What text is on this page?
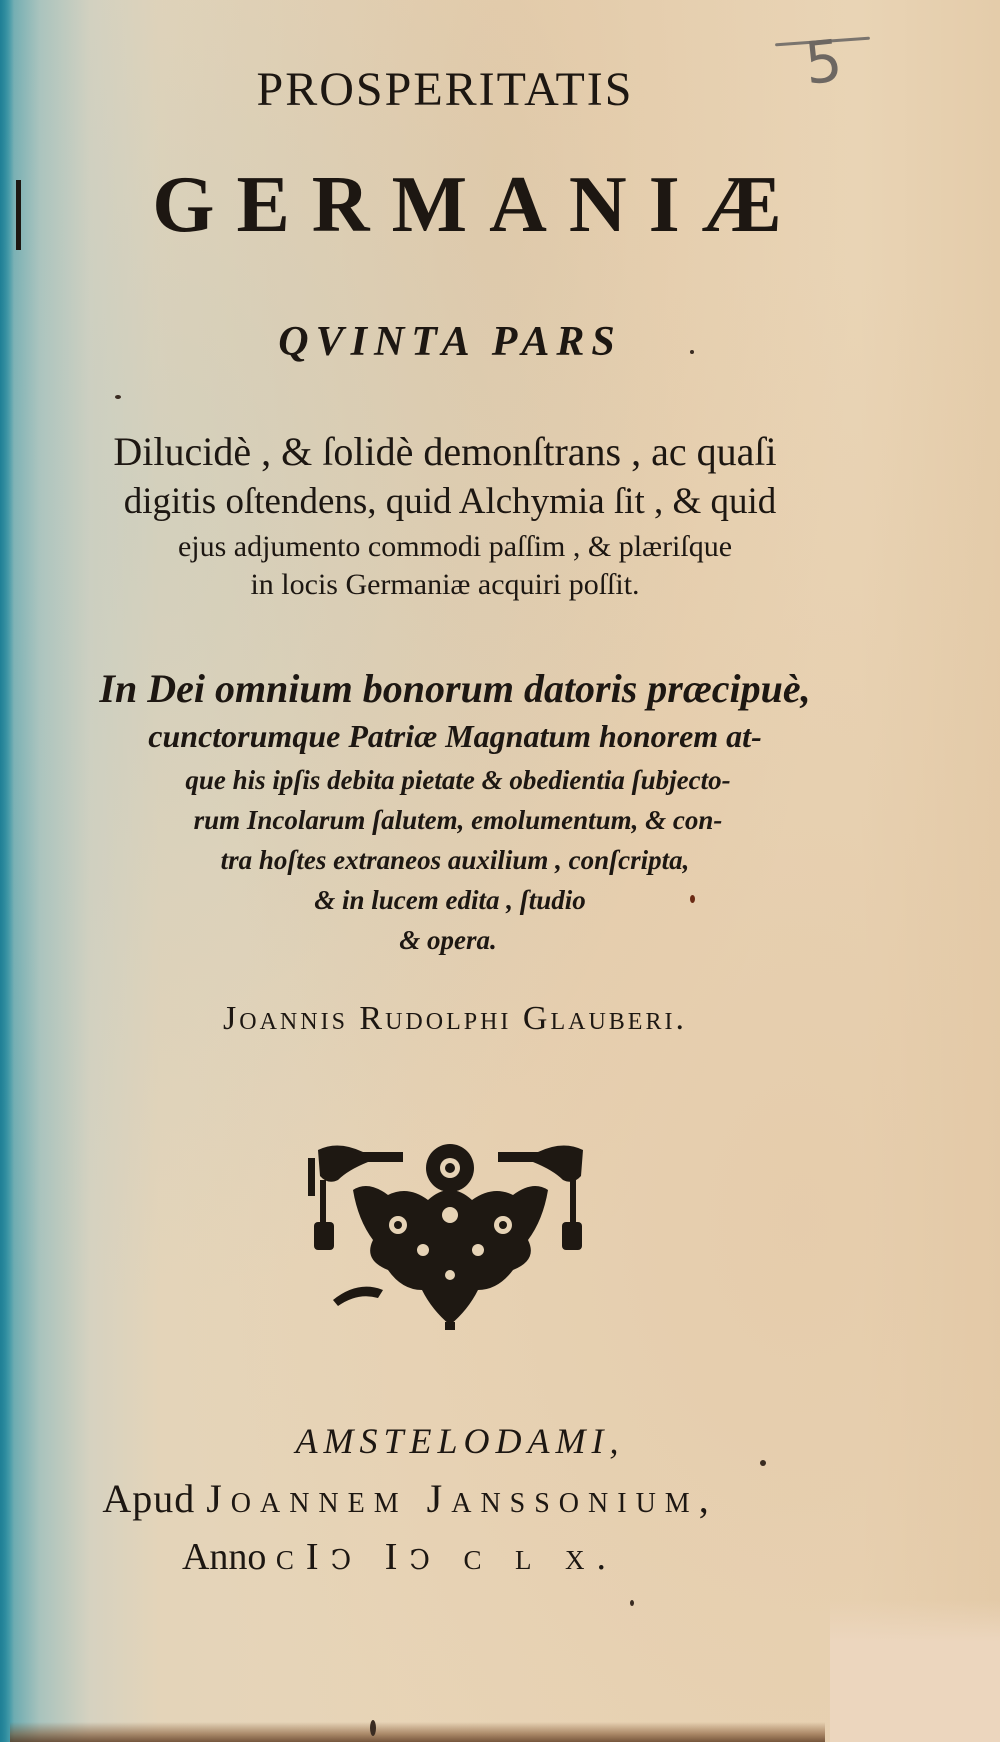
5
PROSPERITATIS
GERMANIÆ
QVINTA PARS
Dilucidè , & ſolidè demonſtrans , ac quaſi
digitis oſtendens, quid Alchymia ſit , & quid
ejus adjumento commodi paſſim , & plæriſque
in locis Germaniæ acquiri poſſit.
In Dei omnium bonorum datoris præcipuè,
cunctorumque Patriæ Magnatum honorem at-
que his ipſis debita pietate & obedientia ſubjecto-
rum Incolarum ſalutem, emolumentum, & con-
tra hoſtes extraneos auxilium , conſcripta,
& in lucem edita , ſtudio
& opera.
Joannis Rudolphi Glauberi.
AMSTELODAMI,
Apud Joannem Janssonium,
Anno cIↄ Iↄ c l x.
